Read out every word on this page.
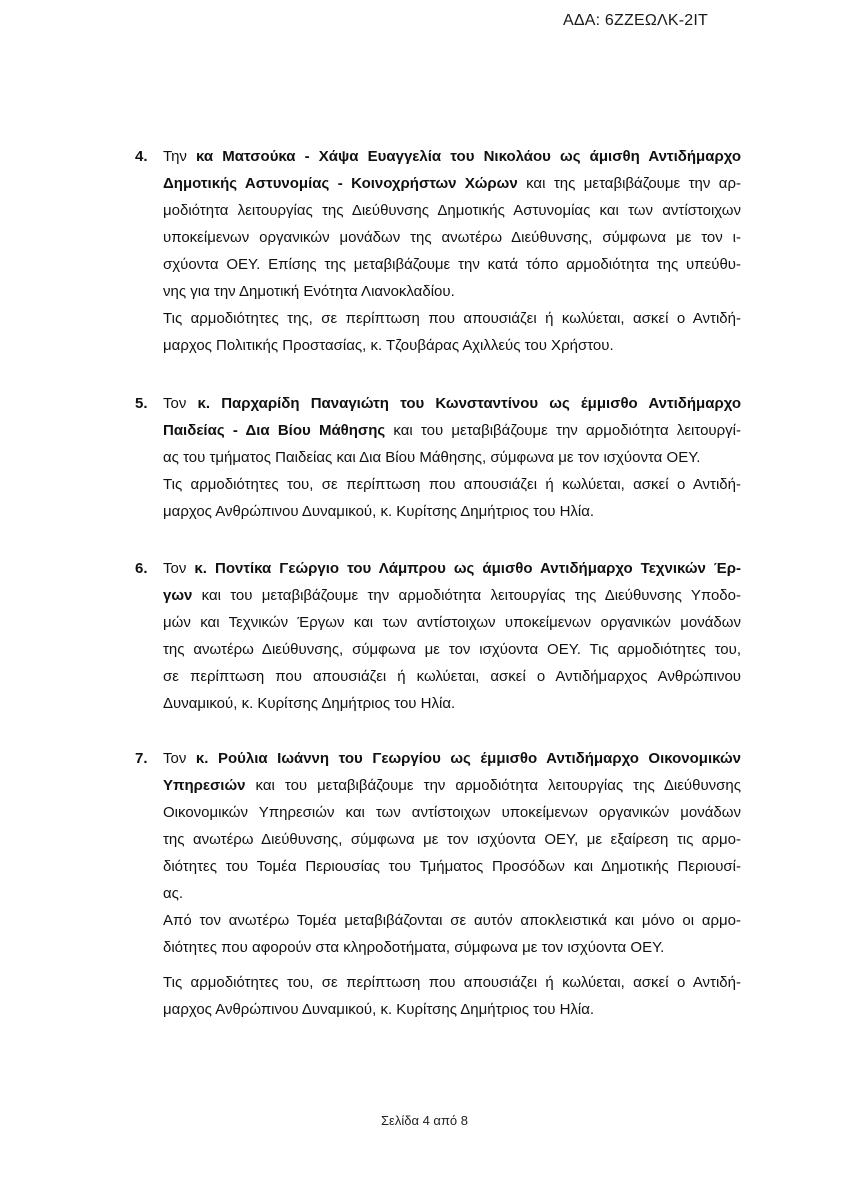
ΑΔΑ: 6ΖΖΕΩΛΚ-2ΙΤ
4. Την κα Ματσούκα - Χάψα Ευαγγελία του Νικολάου ως άμισθη Αντιδήμαρχο
Δημοτικής Αστυνομίας - Κοινοχρήστων Χώρων και της μεταβιβάζουμε την αρ-
μοδιότητα λειτουργίας της Διεύθυνσης Δημοτικής Αστυνομίας και των αντίστοιχων
υποκείμενων οργανικών μονάδων της ανωτέρω Διεύθυνσης, σύμφωνα με τον ι-
σχύοντα ΟΕΥ. Επίσης της μεταβιβάζουμε την κατά τόπο αρμοδιότητα της υπεύθυ-
νης για την Δημοτική Ενότητα Λιανοκλαδίου.
Τις αρμοδιότητες της, σε περίπτωση που απουσιάζει ή κωλύεται, ασκεί ο Αντιδή-
μαρχος Πολιτικής Προστασίας, κ. Τζουβάρας Αχιλλεύς του Χρήστου.
5. Τον κ. Παρχαρίδη Παναγιώτη του Κωνσταντίνου ως έμμισθο Αντιδήμαρχο
Παιδείας - Δια Βίου Μάθησης και του μεταβιβάζουμε την αρμοδιότητα λειτουργί-
ας του τμήματος Παιδείας και Δια Βίου Μάθησης, σύμφωνα με τον ισχύοντα ΟΕΥ.
Τις αρμοδιότητες του, σε περίπτωση που απουσιάζει ή κωλύεται, ασκεί ο Αντιδή-
μαρχος Ανθρώπινου Δυναμικού, κ. Κυρίτσης Δημήτριος του Ηλία.
6. Τον κ. Ποντίκα Γεώργιο του Λάμπρου ως άμισθο Αντιδήμαρχο Τεχνικών Έρ-
γων και του μεταβιβάζουμε την αρμοδιότητα λειτουργίας της Διεύθυνσης Υποδο-
μών και Τεχνικών Έργων και των αντίστοιχων υποκείμενων οργανικών μονάδων
της ανωτέρω Διεύθυνσης, σύμφωνα με τον ισχύοντα ΟΕΥ. Τις αρμοδιότητες του,
σε περίπτωση που απουσιάζει ή κωλύεται, ασκεί ο Αντιδήμαρχος Ανθρώπινου
Δυναμικού, κ. Κυρίτσης Δημήτριος του Ηλία.
7. Τον κ. Ρούλια Ιωάννη του Γεωργίου ως έμμισθο Αντιδήμαρχο Οικονομικών
Υπηρεσιών και του μεταβιβάζουμε την αρμοδιότητα λειτουργίας της Διεύθυνσης
Οικονομικών Υπηρεσιών και των αντίστοιχων υποκείμενων οργανικών μονάδων
της ανωτέρω Διεύθυνσης, σύμφωνα με τον ισχύοντα ΟΕΥ, με εξαίρεση τις αρμο-
διότητες του Τομέα Περιουσίας του Τμήματος Προσόδων και Δημοτικής Περιουσί-
ας.
Από τον ανωτέρω Τομέα μεταβιβάζονται σε αυτόν αποκλειστικά και μόνο οι αρμο-
διότητες που αφορούν στα κληροδοτήματα, σύμφωνα με τον ισχύοντα ΟΕΥ.
Τις αρμοδιότητες του, σε περίπτωση που απουσιάζει ή κωλύεται, ασκεί ο Αντιδή-
μαρχος Ανθρώπινου Δυναμικού, κ. Κυρίτσης Δημήτριος του Ηλία.
Σελίδα 4 από 8
